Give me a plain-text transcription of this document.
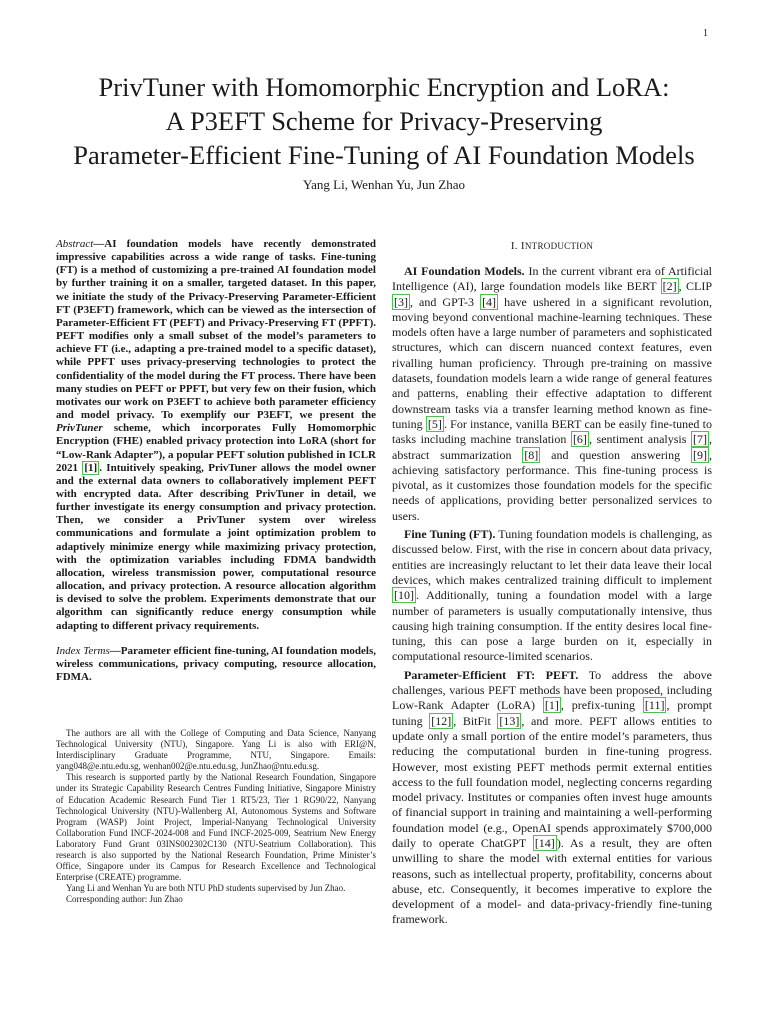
1
PrivTuner with Homomorphic Encryption and LoRA:
A P3EFT Scheme for Privacy-Preserving
Parameter-Efficient Fine-Tuning of AI Foundation Models
Yang Li, Wenhan Yu, Jun Zhao

Abstract—AI foundation models have recently demonstrated impressive capabilities across a wide range of tasks. Fine-tuning (FT) is a method of customizing a pre-trained AI foundation model by further training it on a smaller, targeted dataset. In this paper, we initiate the study of the Privacy-Preserving Parameter-Efficient FT (P3EFT) framework, which can be viewed as the intersection of Parameter-Efficient FT (PEFT) and Privacy-Preserving FT (PPFT). PEFT modifies only a small subset of the model’s parameters to achieve FT (i.e., adapting a pre-trained model to a specific dataset), while PPFT uses privacy-preserving technologies to protect the confidentiality of the model during the FT process. There have been many studies on PEFT or PPFT, but very few on their fusion, which motivates our work on P3EFT to achieve both parameter efficiency and model privacy. To exemplify our P3EFT, we present the PrivTuner scheme, which incorporates Fully Homomorphic Encryption (FHE) enabled privacy protection into LoRA (short for “Low-Rank Adapter”), a popular PEFT solution published in ICLR 2021 [1] . Intuitively speaking, PrivTuner allows the model owner and the external data owners to collaboratively implement PEFT with encrypted data. After describing PrivTuner in detail, we further investigate its energy consumption and privacy protection. Then, we consider a PrivTuner system over wireless communications and formulate a joint optimization problem to adaptively minimize energy while maximizing privacy protection, with the optimization variables including FDMA bandwidth allocation, wireless transmission power, computational resource allocation, and privacy protection. A resource allocation algorithm is devised to solve the problem. Experiments demonstrate that our algorithm can significantly reduce energy consumption while adapting to different privacy requirements.

Index Terms—Parameter efficient fine-tuning, AI foundation models, wireless communications, privacy computing, resource allocation, FDMA.

The authors are all with the College of Computing and Data Science, Nanyang Technological University (NTU), Singapore. Yang Li is also with ERI@N, Interdisciplinary Graduate Programme, NTU, Singapore. Emails: yang048@e.ntu.edu.sg, wenhan002@e.ntu.edu.sg, JunZhao@ntu.edu.sg.

This research is supported partly by the National Research Foundation, Singapore under its Strategic Capability Research Centres Funding Initiative, Singapore Ministry of Education Academic Research Fund Tier 1 RT5/23, Tier 1 RG90/22, Nanyang Technological University (NTU)-Wallenberg AI, Autonomous Systems and Software Program (WASP) Joint Project, Imperial-Nanyang Technological University Collaboration Fund INCF-2024-008 and Fund INCF-2025-009, Seatrium New Energy Laboratory Fund Grant 03INS002302C130 (NTU-Seatrium Collaboration). This research is also supported by the National Research Foundation, Prime Minister’s Office, Singapore under its Campus for Research Excellence and Technological Enterprise (CREATE) programme.

Yang Li and Wenhan Yu are both NTU PhD students supervised by Jun Zhao.

Corresponding author: Jun Zhao

I. INTRODUCTION

AI Foundation Models. In the current vibrant era of Artificial Intelligence (AI), large foundation models like BERT [2] , CLIP [3] , and GPT-3 [4] have ushered in a significant revolution, moving beyond conventional machine-learning techniques. These models often have a large number of parameters and sophisticated structures, which can discern nuanced context features, even rivalling human proficiency. Through pre-training on massive datasets, foundation models learn a wide range of general features and patterns, enabling their effective adaptation to different downstream tasks via a transfer learning method known as fine-tuning [5] . For instance, vanilla BERT can be easily fine-tuned to tasks including machine translation [6] , sentiment analysis [7] , abstract summarization [8] and question answering [9] , achieving satisfactory performance. This fine-tuning process is pivotal, as it customizes those foundation models for the specific needs of applications, providing better personalized services to users.

Fine Tuning (FT). Tuning foundation models is challenging, as discussed below. First, with the rise in concern about data privacy, entities are increasingly reluctant to let their data leave their local devices, which makes centralized training difficult to implement [10] . Additionally, tuning a foundation model with a large number of parameters is usually computationally intensive, thus causing high training consumption. If the entity desires local fine-tuning, this can pose a large burden on it, especially in computational resource-limited scenarios.

Parameter-Efficient FT: PEFT. To address the above challenges, various PEFT methods have been proposed, including Low-Rank Adapter (LoRA) [1] , prefix-tuning [11] , prompt tuning [12] , BitFit [13] , and more. PEFT allows entities to update only a small portion of the entire model’s parameters, thus reducing the computational burden in fine-tuning progress. However, most existing PEFT methods permit external entities access to the full foundation model, neglecting concerns regarding model privacy. Institutes or companies often invest huge amounts of financial support in training and maintaining a well-performing foundation model (e.g., OpenAI spends approximately $700,000 daily to operate ChatGPT [14] ). As a result, they are often unwilling to share the model with external entities for various reasons, such as intellectual property, profitability, concerns about abuse, etc. Consequently, it becomes imperative to explore the development of a model- and data-privacy-friendly fine-tuning framework.
